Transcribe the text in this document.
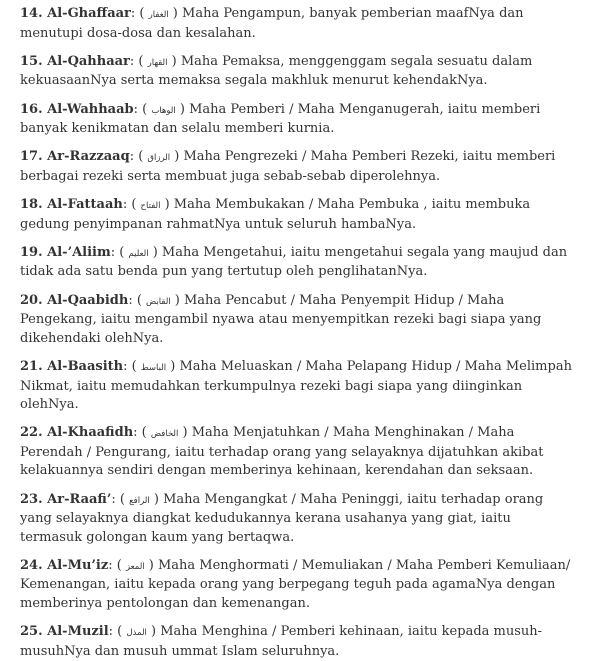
14. Al-Ghaffaar: ( الغفار ) Maha Pengampun, banyak pemberian maafNya dan menutupi dosa-dosa dan kesalahan.

15. Al-Qahhaar: ( القهار ) Maha Pemaksa, menggenggam segala sesuatu dalam kekuasaanNya serta memaksa segala makhluk menurut kehendakNya.

16. Al-Wahhaab: ( الوهاب ) Maha Pemberi / Maha Menganugerah, iaitu memberi banyak kenikmatan dan selalu memberi kurnia.

17. Ar-Razzaaq: ( الرزاق ) Maha Pengrezeki / Maha Pemberi Rezeki, iaitu memberi berbagai rezeki serta membuat juga sebab-sebab diperolehnya.

18. Al-Fattaah: ( الفتاح ) Maha Membukakan / Maha Pembuka , iaitu membuka gedung penyimpanan rahmatNya untuk seluruh hambaNya.

19. Al-’Aliim: ( العليم ) Maha Mengetahui, iaitu mengetahui segala yang maujud dan tidak ada satu benda pun yang tertutup oleh penglihatanNya.

20. Al-Qaabidh: ( القابض ) Maha Pencabut / Maha Penyempit Hidup / Maha Pengekang, iaitu mengambil nyawa atau menyempitkan rezeki bagi siapa yang dikehendaki olehNya.

21. Al-Baasith: ( الباسط ) Maha Meluaskan / Maha Pelapang Hidup / Maha Melimpah Nikmat, iaitu memudahkan terkumpulnya rezeki bagi siapa yang diinginkan olehNya.

22. Al-Khaafidh: ( الخافض ) Maha Menjatuhkan / Maha Menghinakan / Maha Perendah / Pengurang, iaitu terhadap orang yang selayaknya dijatuhkan akibat kelakuannya sendiri dengan memberinya kehinaan, kerendahan dan seksaan.

23. Ar-Raafi’: ( الرافع ) Maha Mengangkat / Maha Peninggi, iaitu terhadap orang yang selayaknya diangkat kedudukannya kerana usahanya yang giat, iaitu termasuk golongan kaum yang bertaqwa.

24. Al-Mu’iz: ( المعز ) Maha Menghormati / Memuliakan / Maha Pemberi Kemuliaan/ Kemenangan, iaitu kepada orang yang berpegang teguh pada agamaNya dengan memberinya pentolongan dan kemenangan.

25. Al-Muzil: ( المذل ) Maha Menghina / Pemberi kehinaan, iaitu kepada musuh-musuhNya dan musuh ummat Islam seluruhnya.
